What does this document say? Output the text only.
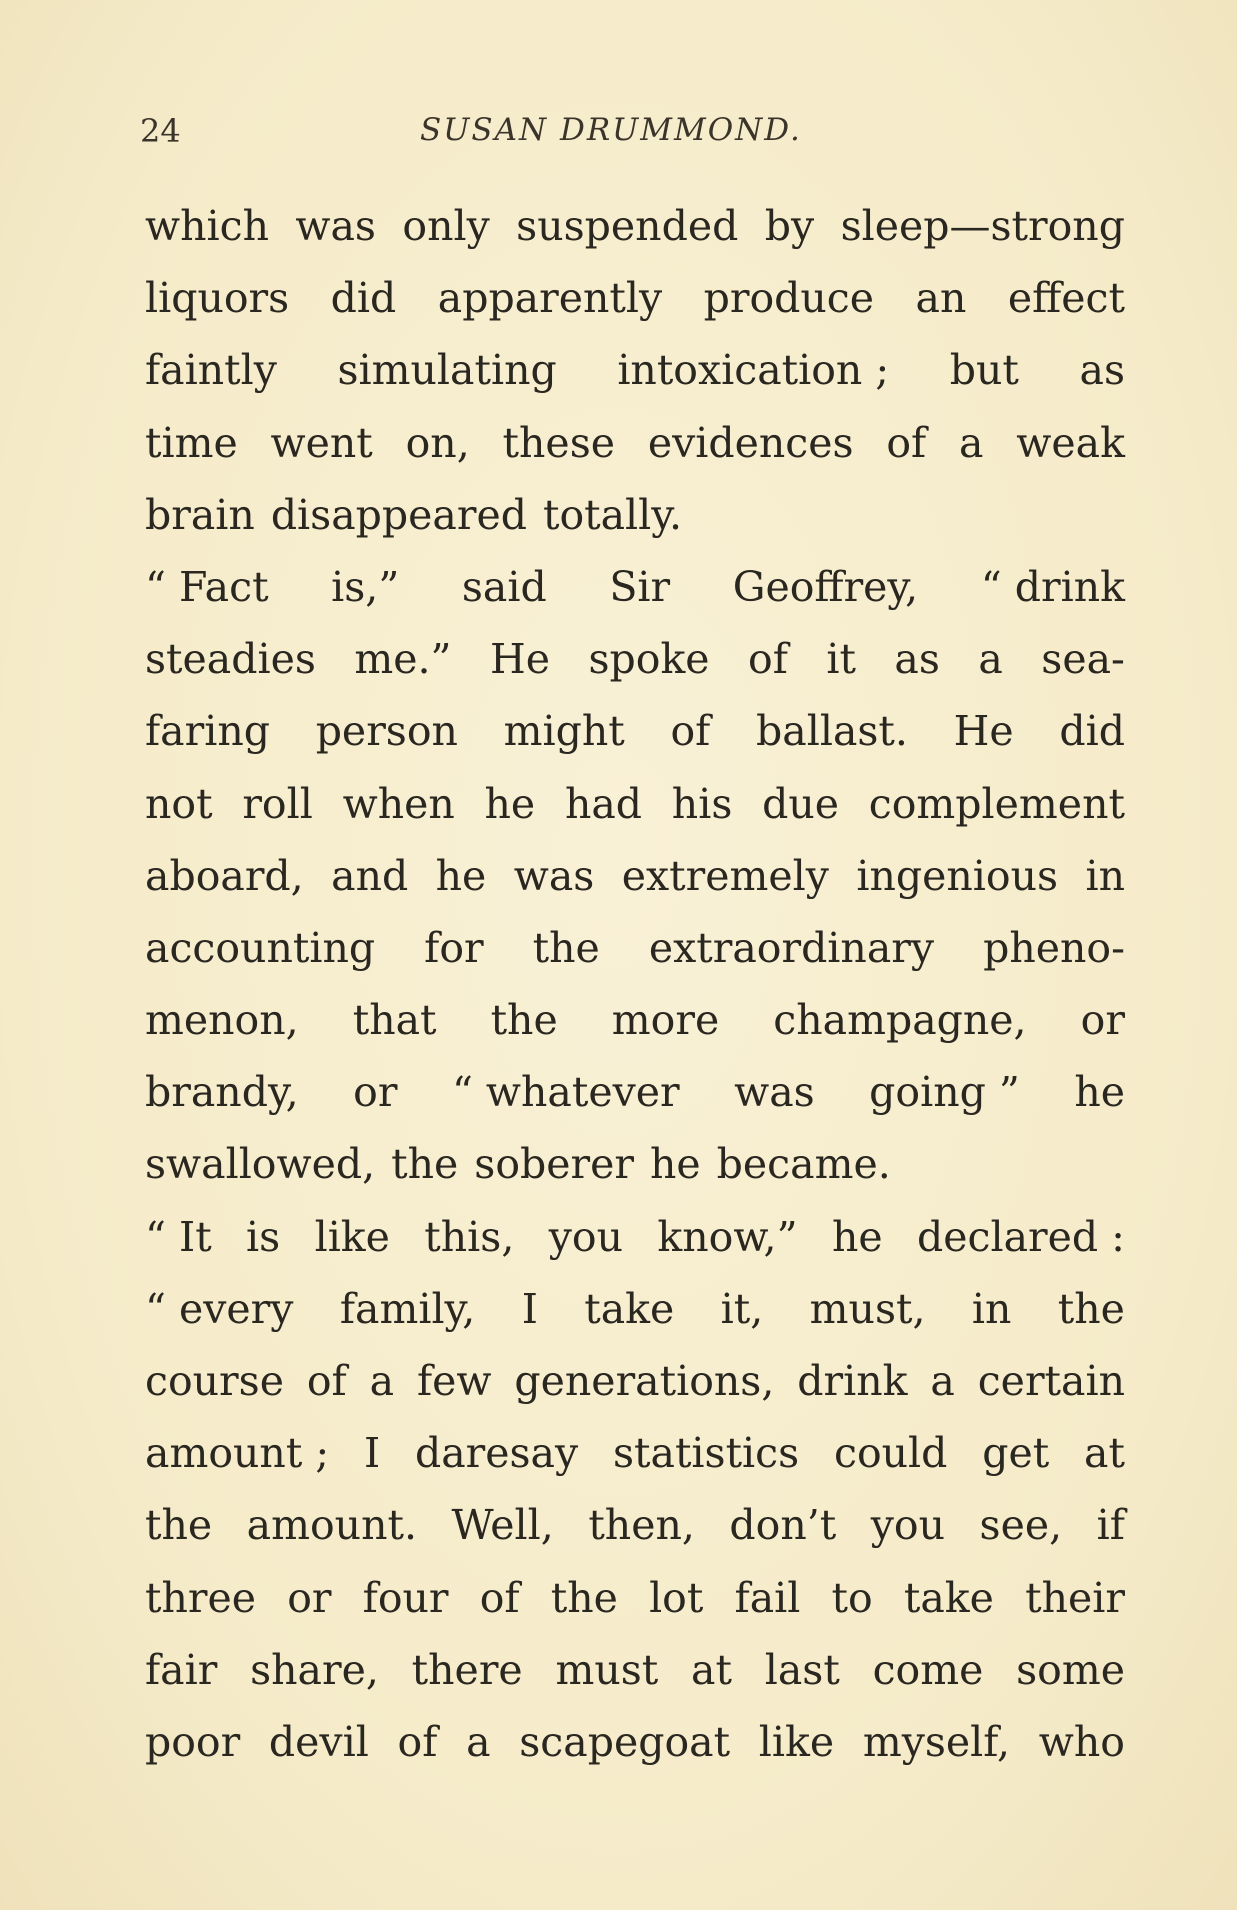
24	SUSAN DRUMMOND.
which was only suspended by sleep—strong
liquors did apparently produce an effect
faintly simulating intoxication ; but as
time went on, these evidences of a weak
brain disappeared totally.
“ Fact is,” said Sir Geoffrey, “ drink
steadies me.” He spoke of it as a sea-
faring person might of ballast. He did
not roll when he had his due complement
aboard, and he was extremely ingenious in
accounting for the extraordinary pheno-
menon, that the more champagne, or
brandy, or “ whatever was going ” he
swallowed, the soberer he became.
“ It is like this, you know,” he declared :
“ every family, I take it, must, in the
course of a few generations, drink a certain
amount ; I daresay statistics could get at
the amount. Well, then, don’t you see, if
three or four of the lot fail to take their
fair share, there must at last come some
poor devil of a scapegoat like myself, who
